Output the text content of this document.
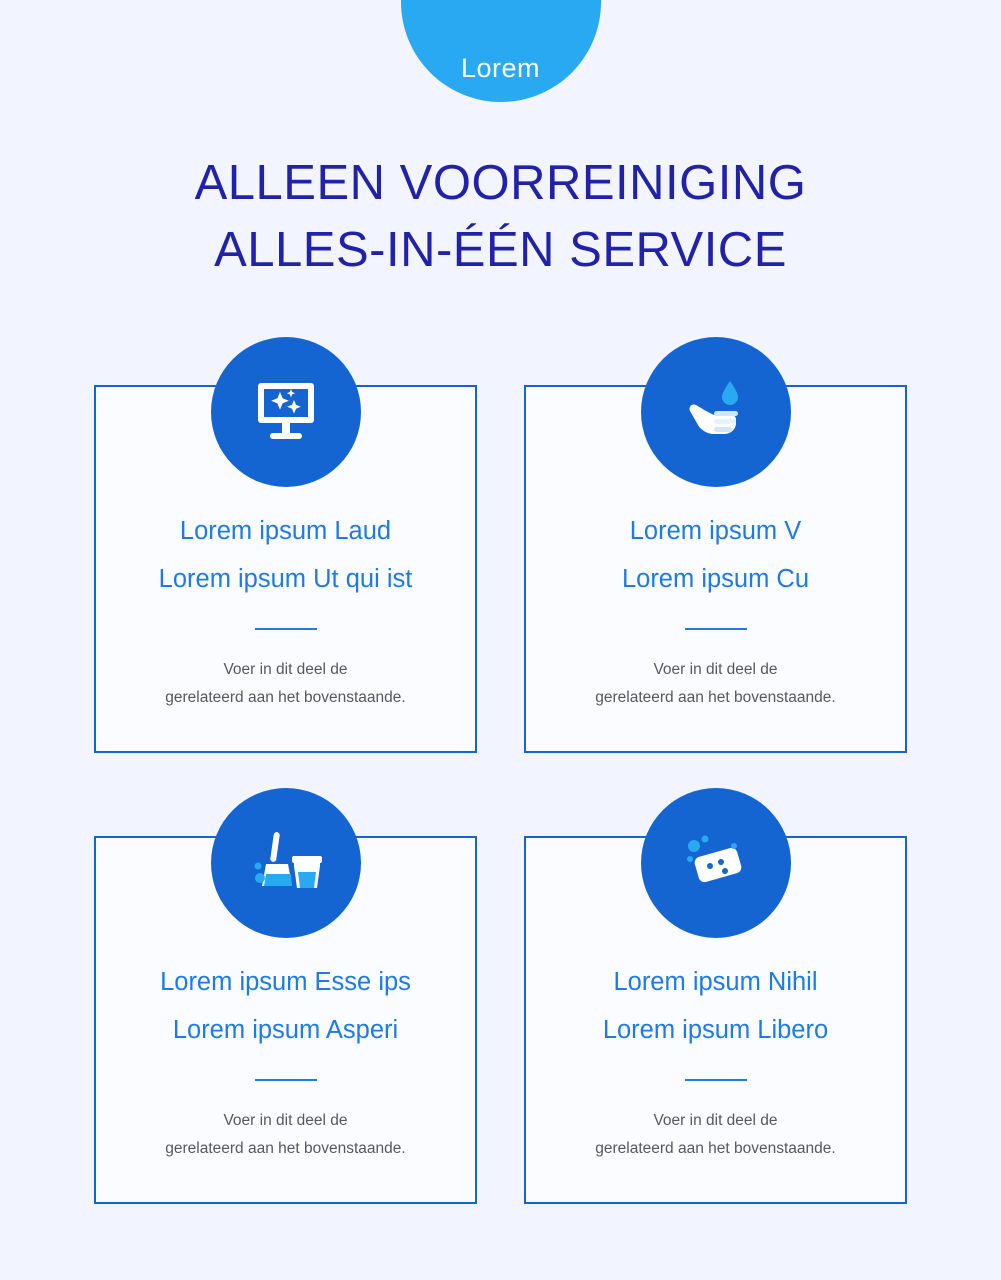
Lorem
ALLEEN VOORREINIGING
ALLES-IN-ÉÉN SERVICE
Lorem ipsum Laud
Lorem ipsum Ut qui ist
Voer in dit deel de
gerelateerd aan het bovenstaande.
Lorem ipsum V
Lorem ipsum Cu
Voer in dit deel de
gerelateerd aan het bovenstaande.
Lorem ipsum Esse ips
Lorem ipsum Asperi
Voer in dit deel de
gerelateerd aan het bovenstaande.
Lorem ipsum Nihil
Lorem ipsum Libero
Voer in dit deel de
gerelateerd aan het bovenstaande.
